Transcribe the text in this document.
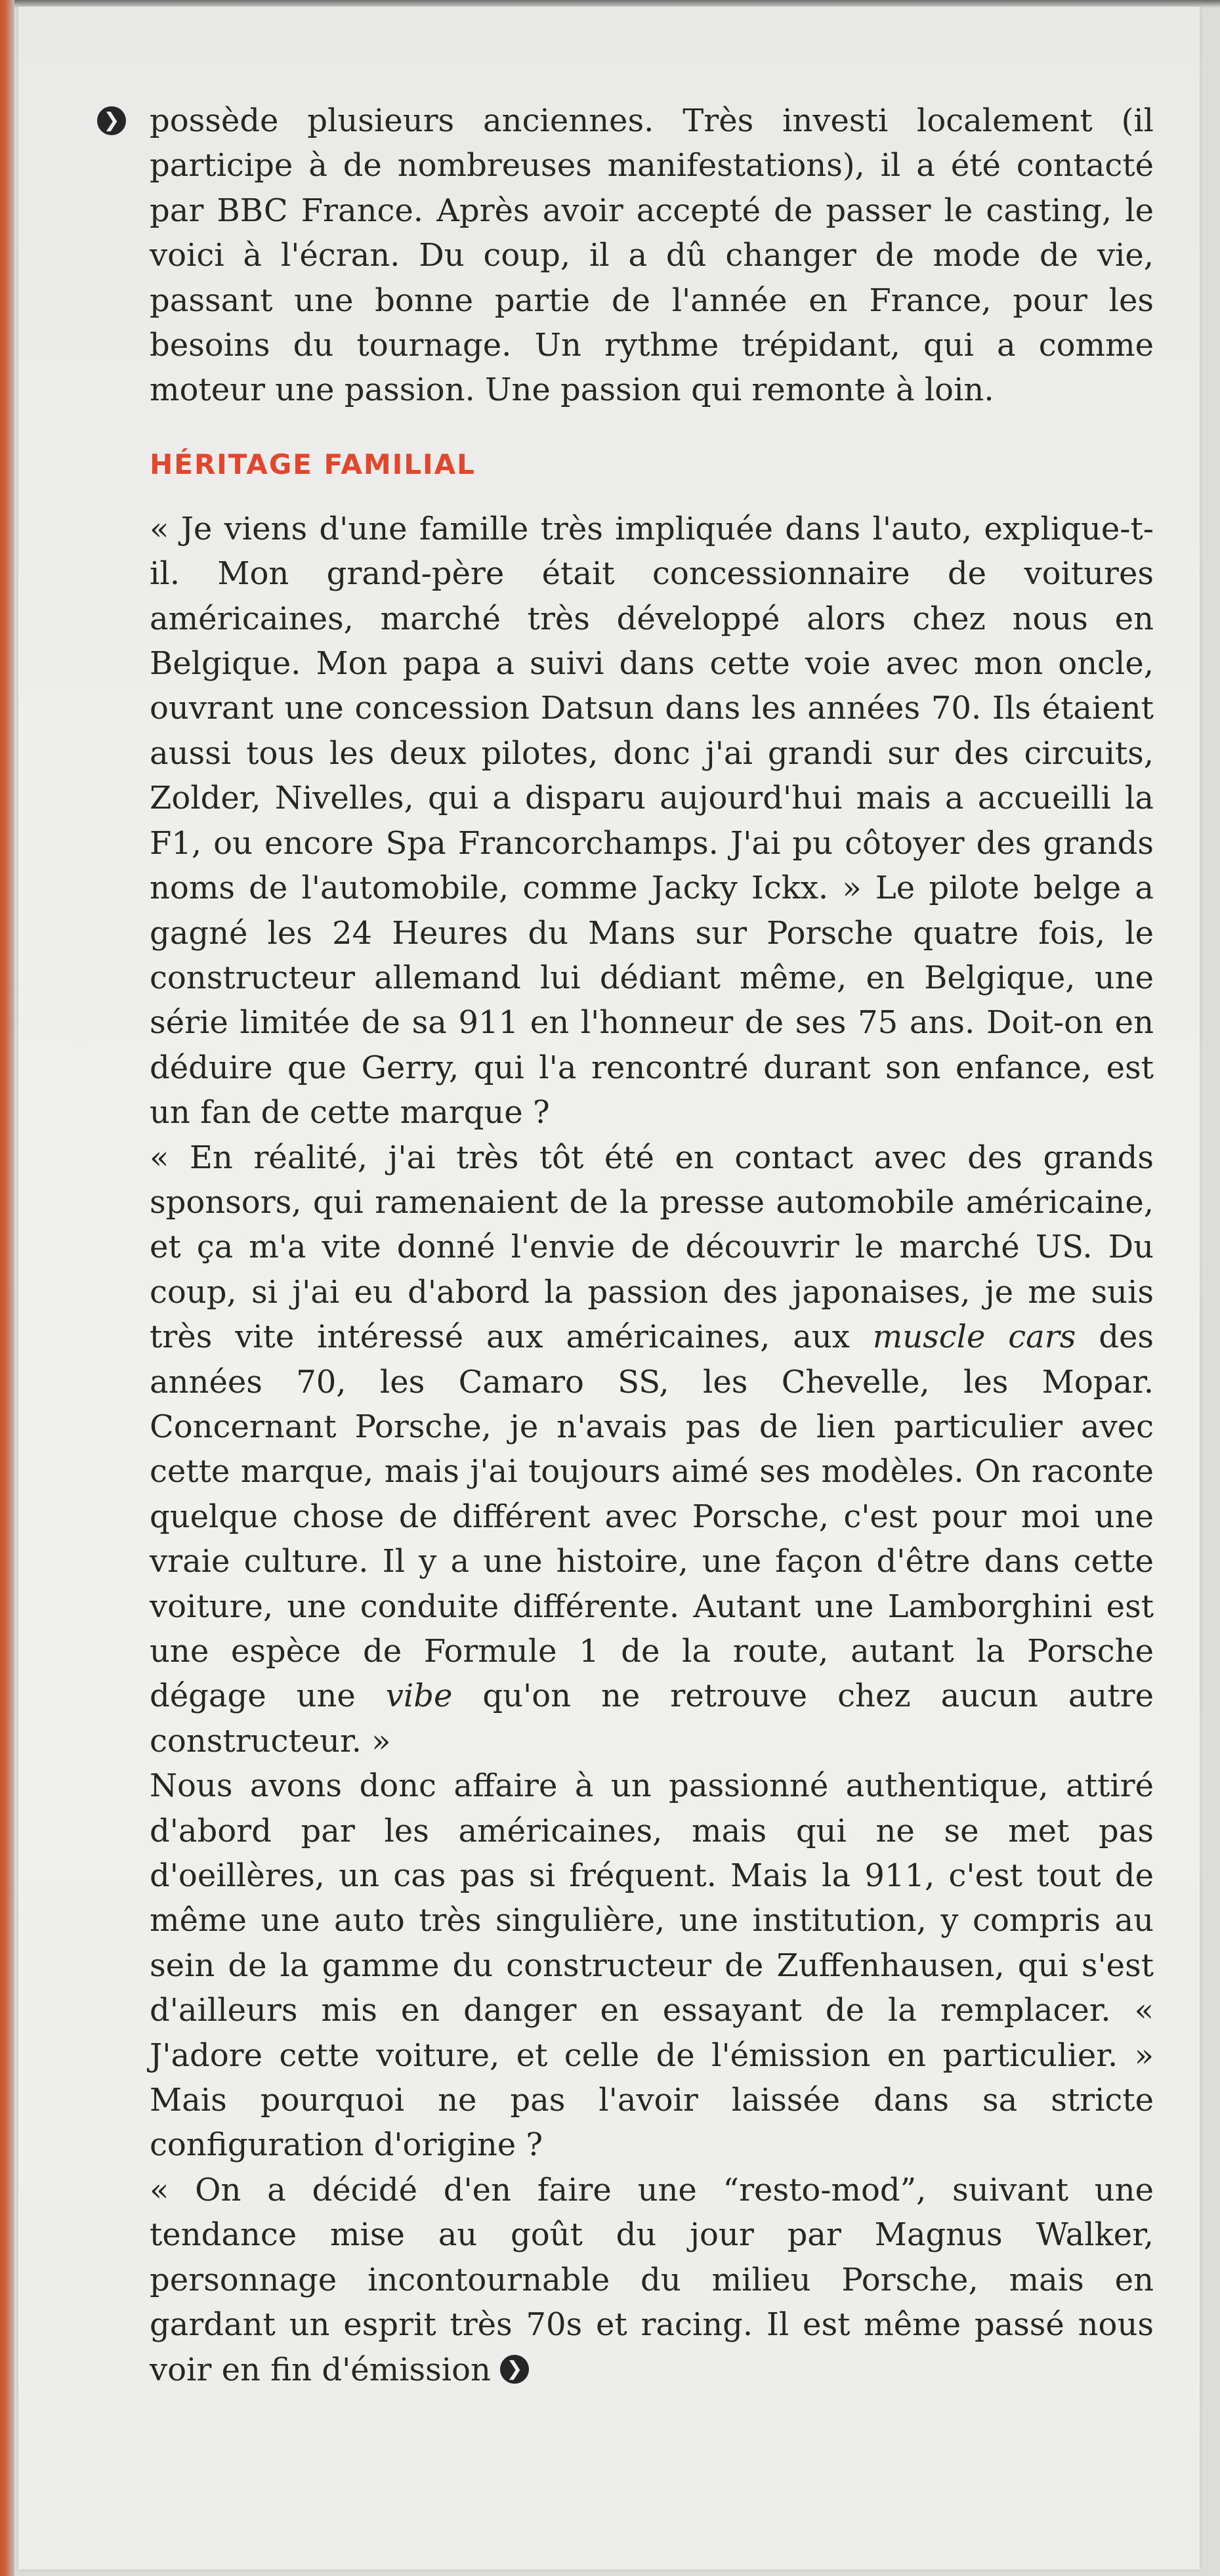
❯ possède plusieurs anciennes. Très investi localement (il participe à de nombreuses manifestations), il a été contacté par BBC France. Après avoir accepté de passer le casting, le voici à l'écran. Du coup, il a dû changer de mode de vie, passant une bonne partie de l'année en France, pour les besoins du tournage. Un rythme trépidant, qui a comme moteur une passion. Une passion qui remonte à loin.

HÉRITAGE FAMILIAL

« Je viens d'une famille très impliquée dans l'auto, explique-t-il. Mon grand-père était concessionnaire de voitures américaines, marché très développé alors chez nous en Belgique. Mon papa a suivi dans cette voie avec mon oncle, ouvrant une concession Datsun dans les années 70. Ils étaient aussi tous les deux pilotes, donc j'ai grandi sur des circuits, Zolder, Nivelles, qui a disparu aujourd'hui mais a accueilli la F1, ou encore Spa Francorchamps. J'ai pu côtoyer des grands noms de l'automobile, comme Jacky Ickx. » Le pilote belge a gagné les 24 Heures du Mans sur Porsche quatre fois, le constructeur allemand lui dédiant même, en Belgique, une série limitée de sa 911 en l'honneur de ses 75 ans. Doit-on en déduire que Gerry, qui l'a rencontré durant son enfance, est un fan de cette marque ?

« En réalité, j'ai très tôt été en contact avec des grands sponsors, qui ramenaient de la presse automobile américaine, et ça m'a vite donné l'envie de découvrir le marché US. Du coup, si j'ai eu d'abord la passion des japonaises, je me suis très vite intéressé aux américaines, aux muscle cars des années 70, les Camaro SS, les Chevelle, les Mopar. Concernant Porsche, je n'avais pas de lien particulier avec cette marque, mais j'ai toujours aimé ses modèles. On raconte quelque chose de différent avec Porsche, c'est pour moi une vraie culture. Il y a une histoire, une façon d'être dans cette voiture, une conduite différente. Autant une Lamborghini est une espèce de Formule 1 de la route, autant la Porsche dégage une vibe qu'on ne retrouve chez aucun autre constructeur. »

Nous avons donc affaire à un passionné authentique, attiré d'abord par les américaines, mais qui ne se met pas d'oeillères, un cas pas si fréquent. Mais la 911, c'est tout de même une auto très singulière, une institution, y compris au sein de la gamme du constructeur de Zuffenhausen, qui s'est d'ailleurs mis en danger en essayant de la remplacer. « J'adore cette voiture, et celle de l'émission en particulier. » Mais pourquoi ne pas l'avoir laissée dans sa stricte configuration d'origine ?

« On a décidé d'en faire une “resto-mod”, suivant une tendance mise au goût du jour par Magnus Walker, personnage incontournable du milieu Porsche, mais en gardant un esprit très 70s et racing. Il est même passé nous voir en fin d'émission ❯
